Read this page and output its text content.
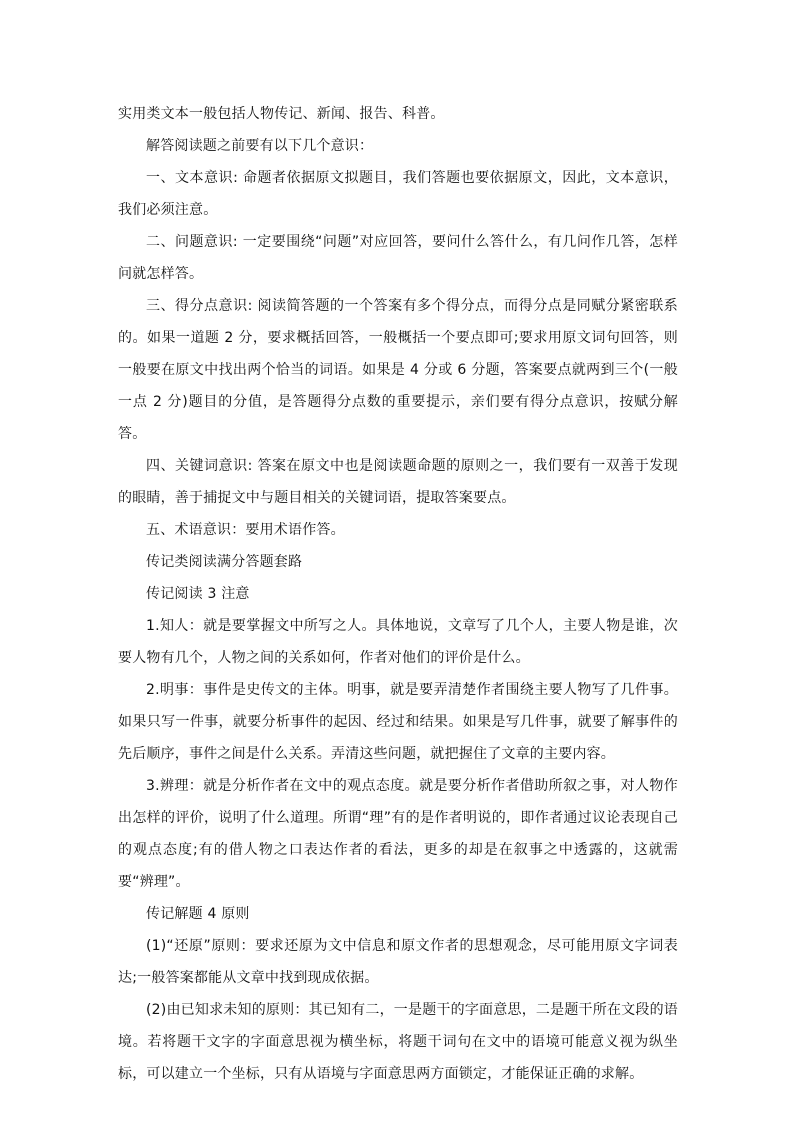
实用类文本一般包括人物传记、新闻、报告、科普。

解答阅读题之前要有以下几个意识：

一、文本意识: 命题者依据原文拟题目，我们答题也要依据原文，因此，文本意识，我们必须注意。

二、问题意识: 一定要围绕“问题”对应回答，要问什么答什么，有几问作几答，怎样问就怎样答。

三、得分点意识: 阅读简答题的一个答案有多个得分点，而得分点是同赋分紧密联系的。如果一道题 2 分，要求概括回答，一般概括一个要点即可;要求用原文词句回答，则一般要在原文中找出两个恰当的词语。如果是 4 分或 6 分题，答案要点就两到三个(一般一点 2 分)题目的分值，是答题得分点数的重要提示，亲们要有得分点意识，按赋分解答。

四、关键词意识: 答案在原文中也是阅读题命题的原则之一，我们要有一双善于发现的眼睛，善于捕捉文中与题目相关的关键词语，提取答案要点。

五、术语意识：要用术语作答。

传记类阅读满分答题套路

传记阅读 3 注意

1.知人：就是要掌握文中所写之人。具体地说，文章写了几个人，主要人物是谁，次要人物有几个，人物之间的关系如何，作者对他们的评价是什么。

2.明事：事件是史传文的主体。明事，就是要弄清楚作者围绕主要人物写了几件事。如果只写一件事，就要分析事件的起因、经过和结果。如果是写几件事，就要了解事件的先后顺序，事件之间是什么关系。弄清这些问题，就把握住了文章的主要内容。

3.辨理：就是分析作者在文中的观点态度。就是要分析作者借助所叙之事，对人物作出怎样的评价，说明了什么道理。所谓“理”有的是作者明说的，即作者通过议论表现自己的观点态度;有的借人物之口表达作者的看法，更多的却是在叙事之中透露的，这就需要“辨理”。

传记解题 4 原则

(1)“还原”原则：要求还原为文中信息和原文作者的思想观念，尽可能用原文字词表达;一般答案都能从文章中找到现成依据。

(2)由已知求未知的原则：其已知有二，一是题干的字面意思，二是题干所在文段的语境。若将题干文字的字面意思视为横坐标，将题干词句在文中的语境可能意义视为纵坐标，可以建立一个坐标，只有从语境与字面意思两方面锁定，才能保证正确的求解。
